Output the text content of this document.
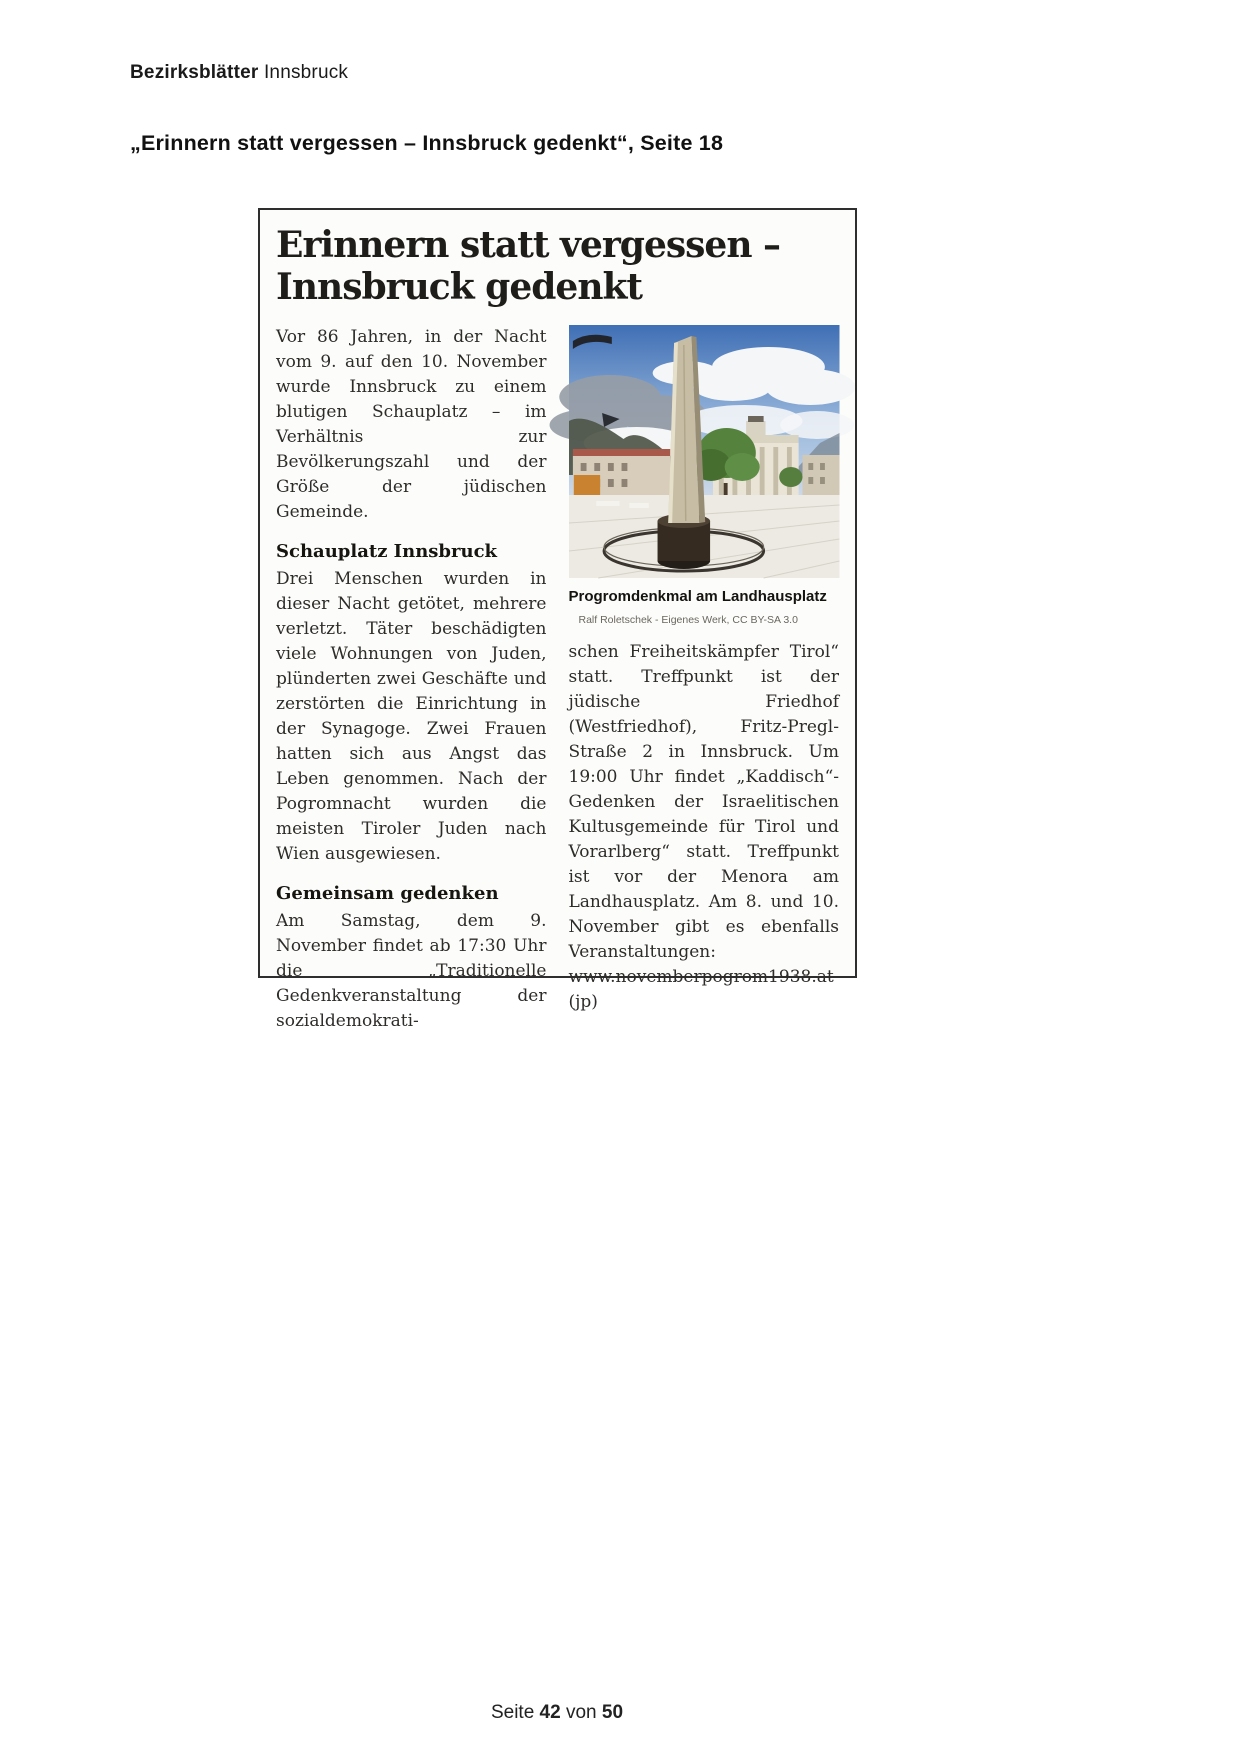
Bezirksblätter Innsbruck
„Erinnern statt vergessen – Innsbruck gedenkt“, Seite 18
Erinnern statt vergessen – Innsbruck gedenkt

Vor 86 Jahren, in der Nacht vom 9. auf den 10. November wurde Innsbruck zu einem blutigen Schauplatz – im Verhältnis zur Bevölkerungszahl und der Größe der jüdischen Gemeinde.

Schauplatz Innsbruck

Drei Menschen wurden in dieser Nacht getötet, mehrere verletzt. Täter beschädigten viele Wohnungen von Juden, plünderten zwei Geschäfte und zerstörten die Einrichtung in der Synagoge. Zwei Frauen hatten sich aus Angst das Leben genommen. Nach der Pogromnacht wurden die meisten Tiroler Juden nach Wien ausgewiesen.

Gemeinsam gedenken

Am Samstag, dem 9. November findet ab 17:30 Uhr die „Traditionelle Gedenkveranstaltung der sozialdemokrati-

Progromdenkmal am Landhausplatz Ralf Roletschek - Eigenes Werk, CC BY-SA 3.0

schen Freiheitskämpfer Tirol“ statt. Treffpunkt ist der jüdische Friedhof (Westfriedhof), Fritz-Pregl-Straße 2 in Innsbruck. Um 19:00 Uhr findet „Kaddisch“-Gedenken der Israelitischen Kultusgemeinde für Tirol und Vorarlberg“ statt. Treffpunkt ist vor der Menora am Landhausplatz. Am 8. und 10. November gibt es ebenfalls Veranstaltungen: www.novemberpogrom1938.at (jp)

Seite 42 von 50
